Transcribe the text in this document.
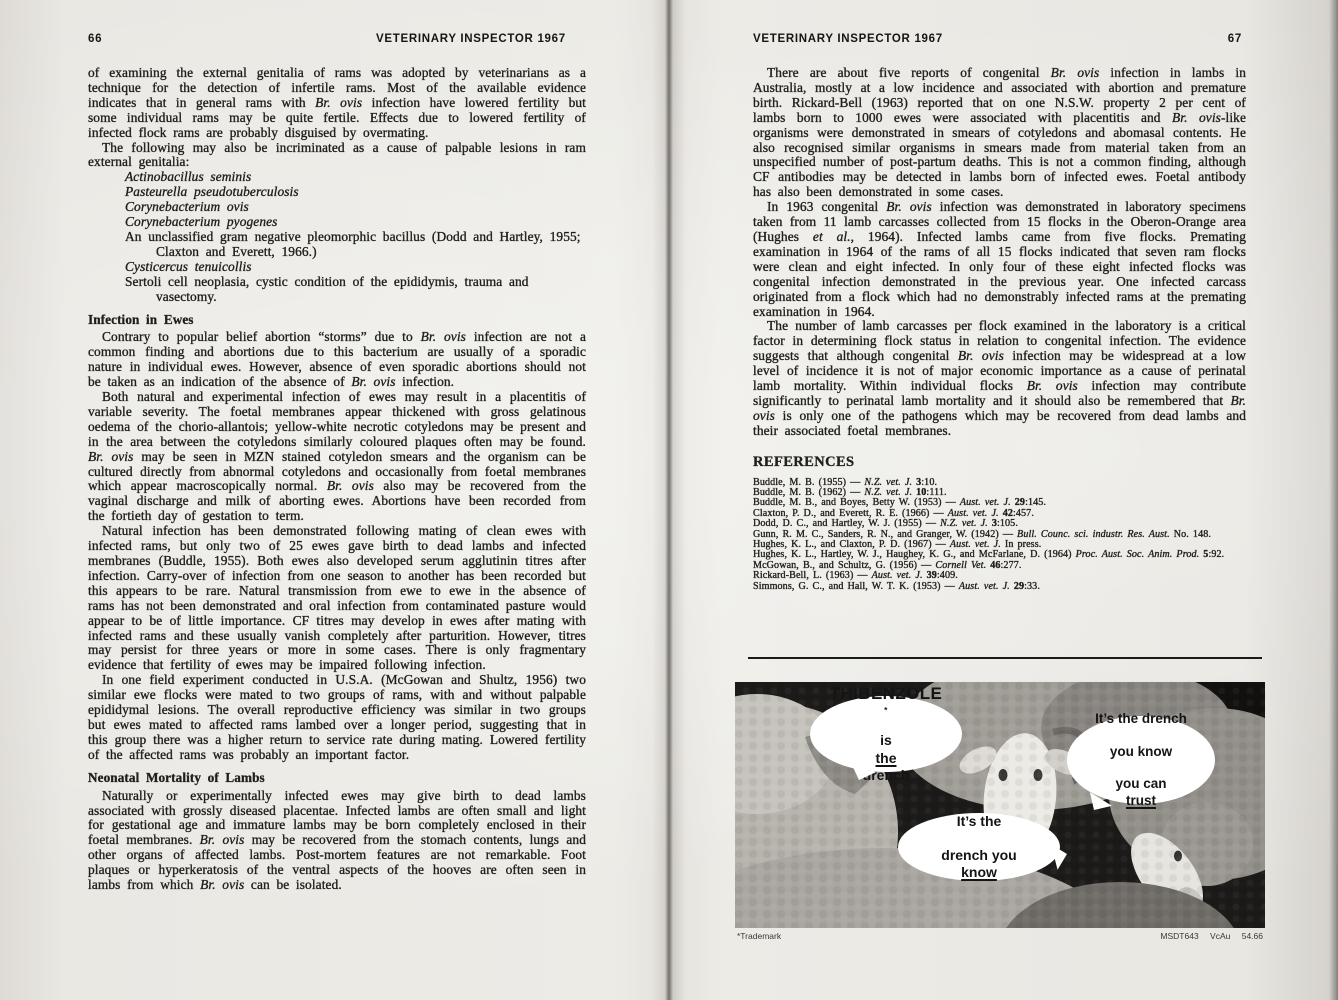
66	VETERINARY INSPECTOR 1967

of examining the external genitalia of rams was adopted by veterinarians as a technique for the detection of infertile rams. Most of the available evidence indicates that in general rams with Br. ovis infection have lowered fertility but some individual rams may be quite fertile. Effects due to lowered fertility of infected flock rams are probably disguised by overmating.

The following may also be incriminated as a cause of palpable lesions in ram external genitalia:

Actinobacillus seminis

Pasteurella pseudotuberculosis

Corynebacterium ovis

Corynebacterium pyogenes

An unclassified gram negative pleomorphic bacillus (Dodd and Hartley, 1955; Claxton and Everett, 1966.)

Cysticercus tenuicollis

Sertoli cell neoplasia, cystic condition of the epididymis, trauma and vasectomy.

Infection in Ewes

Contrary to popular belief abortion “storms” due to Br. ovis infection are not a common finding and abortions due to this bacterium are usually of a sporadic nature in individual ewes. However, absence of even sporadic abortions should not be taken as an indication of the absence of Br. ovis infection.

Both natural and experimental infection of ewes may result in a placentitis of variable severity. The foetal membranes appear thickened with gross gelatinous oedema of the chorio-allantois; yellow-white necrotic cotyledons may be present and in the area between the cotyledons similarly coloured plaques often may be found. Br. ovis may be seen in MZN stained cotyledon smears and the organism can be cultured directly from abnormal cotyledons and occasionally from foetal membranes which appear macroscopically normal. Br. ovis also may be recovered from the vaginal discharge and milk of aborting ewes. Abortions have been recorded from the fortieth day of gestation to term.

Natural infection has been demonstrated following mating of clean ewes with infected rams, but only two of 25 ewes gave birth to dead lambs and infected membranes (Buddle, 1955). Both ewes also developed serum agglutinin titres after infection. Carry-over of infection from one season to another has been recorded but this appears to be rare. Natural transmission from ewe to ewe in the absence of rams has not been demonstrated and oral infection from contaminated pasture would appear to be of little importance. CF titres may develop in ewes after mating with infected rams and these usually vanish completely after parturition. However, titres may persist for three years or more in some cases. There is only fragmentary evidence that fertility of ewes may be impaired following infection.

In one field experiment conducted in U.S.A. (McGowan and Shultz, 1956) two similar ewe flocks were mated to two groups of rams, with and without palpable epididymal lesions. The overall reproductive efficiency was similar in two groups but ewes mated to affected rams lambed over a longer period, suggesting that in this group there was a higher return to service rate during mating. Lowered fertility of the affected rams was probably an important factor.

Neonatal Mortality of Lambs

Naturally or experimentally infected ewes may give birth to dead lambs associated with grossly diseased placentae. Infected lambs are often small and light for gestational age and immature lambs may be born completely enclosed in their foetal membranes. Br. ovis may be recovered from the stomach contents, lungs and other organs of affected lambs. Post-mortem features are not remarkable. Foot plaques or hyperkeratosis of the ventral aspects of the hooves are often seen in lambs from which Br. ovis can be isolated.

VETERINARY INSPECTOR 1967	67

There are about five reports of congenital Br. ovis infection in lambs in Australia, mostly at a low incidence and associated with abortion and premature birth. Rickard-Bell (1963) reported that on one N.S.W. property 2 per cent of lambs born to 1000 ewes were associated with placentitis and Br. ovis-like organisms were demonstrated in smears of cotyledons and abomasal contents. He also recognised similar organisms in smears made from material taken from an unspecified number of post-partum deaths. This is not a common finding, although CF antibodies may be detected in lambs born of infected ewes. Foetal antibody has also been demonstrated in some cases.

In 1963 congenital Br. ovis infection was demonstrated in laboratory specimens taken from 11 lamb carcasses collected from 15 flocks in the Oberon-Orange area (Hughes et al., 1964). Infected lambs came from five flocks. Premating examination in 1964 of the rams of all 15 flocks indicated that seven ram flocks were clean and eight infected. In only four of these eight infected flocks was congenital infection demonstrated in the previous year. One infected carcass originated from a flock which had no demonstrably infected rams at the premating examination in 1964.

The number of lamb carcasses per flock examined in the laboratory is a critical factor in determining flock status in relation to congenital infection. The evidence suggests that although congenital Br. ovis infection may be widespread at a low level of incidence it is not of major economic importance as a cause of perinatal lamb mortality. Within individual flocks Br. ovis infection may contribute significantly to perinatal lamb mortality and it should also be remembered that Br. ovis is only one of the pathogens which may be recovered from dead lambs and their associated foetal membranes.

REFERENCES

Buddle, M. B. (1955) — N.Z. vet. J. 3:10.

Buddle, M. B. (1962) — N.Z. vet. J. 10:111.

Buddle, M. B., and Boyes, Betty W. (1953) — Aust. vet. J. 29:145.

Claxton, P. D., and Everett, R. E. (1966) — Aust. vet. J. 42:457.

Dodd, D. C., and Hartley, W. J. (1955) — N.Z. vet. J. 3:105.

Gunn, R. M. C., Sanders, R. N., and Granger, W. (1942) — Bull. Counc. sci. industr. Res. Aust. No. 148.

Hughes, K. L., and Claxton, P. D. (1967) — Aust. vet. J. In press.

Hughes, K. L., Hartley, W. J., Haughey, K. G., and McFarlane, D. (1964) Proc. Aust. Soc. Anim. Prod. 5:92.

McGowan, B., and Schultz, G. (1956) — Cornell Vet. 46:277.

Rickard-Bell, L. (1963) — Aust. vet. J. 39:409.

Simmons, G. C., and Hall, W. T. K. (1953) — Aust. vet. J. 29:33.

THIBENZOLE
*

is
the
drench
It’s the drench

you know

you can
trust
It’s the

drench you
know
*Trademark	MSDT643 VcAu 54.66
